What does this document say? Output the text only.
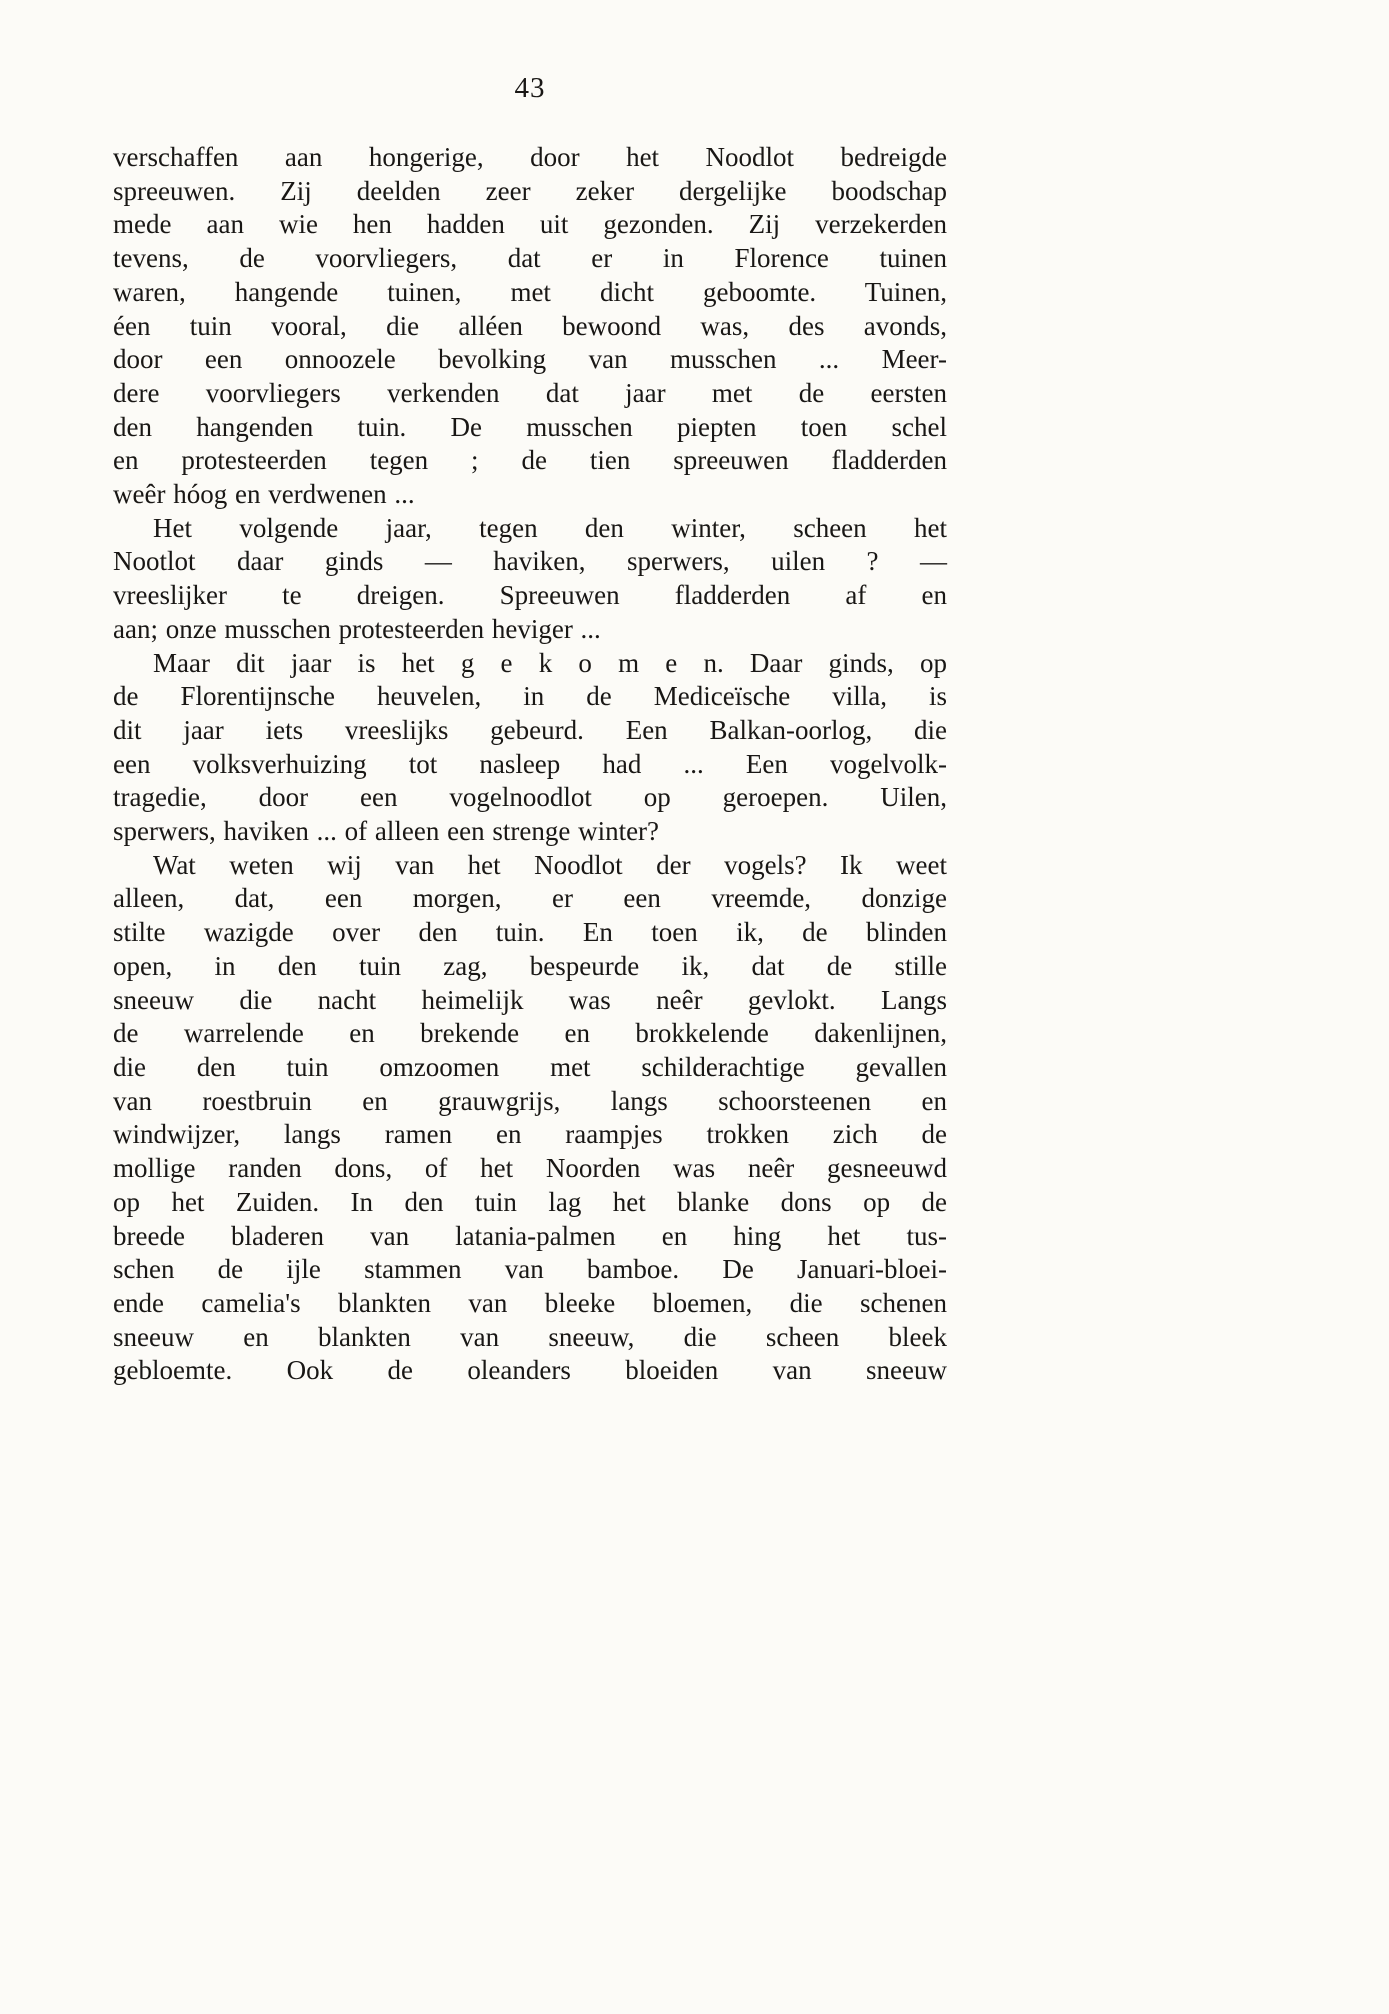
43
verschaffen aan hongerige, door het Noodlot bedreigde
spreeuwen. Zij deelden zeer zeker dergelijke boodschap
mede aan wie hen hadden uit gezonden. Zij verzekerden
tevens, de voorvliegers, dat er in Florence tuinen
waren, hangende tuinen, met dicht geboomte. Tuinen,
éen tuin vooral, die alléen bewoond was, des avonds,
door een onnoozele bevolking van musschen ... Meer-
dere voorvliegers verkenden dat jaar met de eersten
den hangenden tuin. De musschen piepten toen schel
en protesteerden tegen ; de tien spreeuwen fladderden
weêr hóog en verdwenen ...
Het volgende jaar, tegen den winter, scheen het
Nootlot daar ginds — haviken, sperwers, uilen ? —
vreeslijker te dreigen. Spreeuwen fladderden af en
aan; onze musschen protesteerden heviger ...
Maar dit jaar is het g e k o m e n. Daar ginds, op
de Florentijnsche heuvelen, in de Mediceïsche villa, is
dit jaar iets vreeslijks gebeurd. Een Balkan-oorlog, die
een volksverhuizing tot nasleep had ... Een vogelvolk-
tragedie, door een vogelnoodlot op geroepen. Uilen,
sperwers, haviken ... of alleen een strenge winter?
Wat weten wij van het Noodlot der vogels? Ik weet
alleen, dat, een morgen, er een vreemde, donzige
stilte wazigde over den tuin. En toen ik, de blinden
open, in den tuin zag, bespeurde ik, dat de stille
sneeuw die nacht heimelijk was neêr gevlokt. Langs
de warrelende en brekende en brokkelende dakenlijnen,
die den tuin omzoomen met schilderachtige gevallen
van roestbruin en grauwgrijs, langs schoorsteenen en
windwijzer, langs ramen en raampjes trokken zich de
mollige randen dons, of het Noorden was neêr gesneeuwd
op het Zuiden. In den tuin lag het blanke dons op de
breede bladeren van latania-palmen en hing het tus-
schen de ijle stammen van bamboe. De Januari-bloei-
ende camelia's blankten van bleeke bloemen, die schenen
sneeuw en blankten van sneeuw, die scheen bleek
gebloemte. Ook de oleanders bloeiden van sneeuw
